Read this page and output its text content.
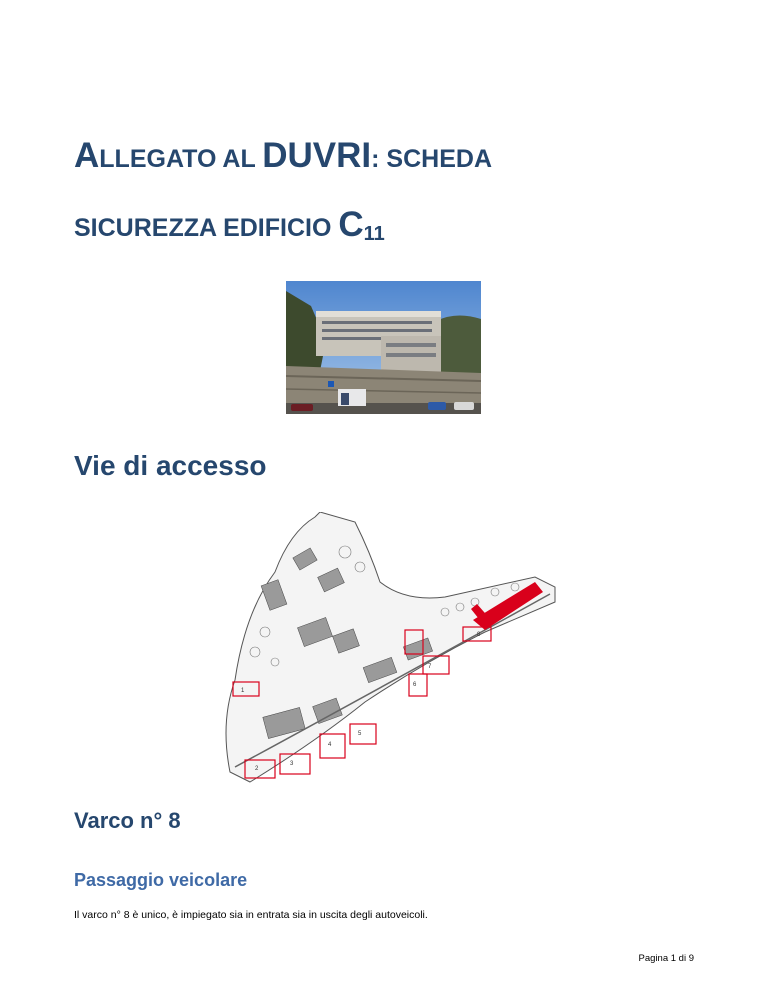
ALLEGATO AL DUVRI: SCHEDA
SICUREZZA EDIFICIO C11
Vie di accesso
8
7
6
5
4
3
2
1
Varco n° 8
Passaggio veicolare
Il varco n° 8 è unico, è impiegato sia in entrata sia in uscita degli autoveicoli.
Pagina 1 di 9
